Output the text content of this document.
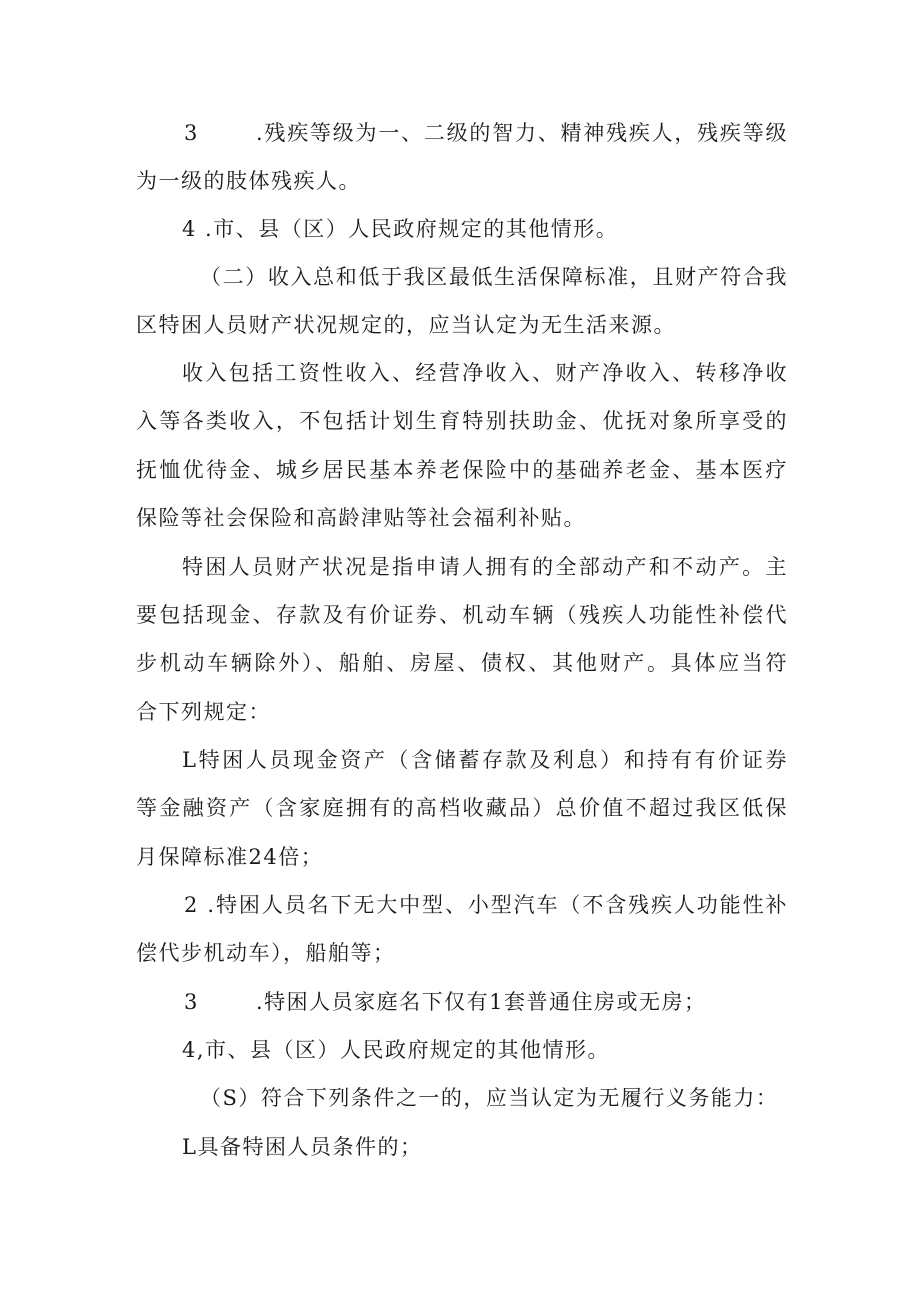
3	.残疾等级为一、二级的智力、精神残疾人，残疾等级
为一级的肢体残疾人。
4 .市、县（区）人民政府规定的其他情形。
（二）收入总和低于我区最低生活保障标准，且财产符合我
区特困人员财产状况规定的，应当认定为无生活来源。
收入包括工资性收入、经营净收入、财产净收入、转移净收
入等各类收入，不包括计划生育特别扶助金、优抚对象所享受的
抚恤优待金、城乡居民基本养老保险中的基础养老金、基本医疗
保险等社会保险和高龄津贴等社会福利补贴。
特困人员财产状况是指申请人拥有的全部动产和不动产。主
要包括现金、存款及有价证券、机动车辆（残疾人功能性补偿代
步机动车辆除外）、船舶、房屋、债权、其他财产。具体应当符
合下列规定：
L特困人员现金资产（含储蓄存款及利息）和持有有价证券
等金融资产（含家庭拥有的高档收藏品）总价值不超过我区低保
月保障标准24倍；
2 .特困人员名下无大中型、小型汽车（不含残疾人功能性补
偿代步机动车），船舶等；
3	.特困人员家庭名下仅有1套普通住房或无房；
4,市、县（区）人民政府规定的其他情形。
（S）符合下列条件之一的，应当认定为无履行义务能力：
L具备特困人员条件的；
